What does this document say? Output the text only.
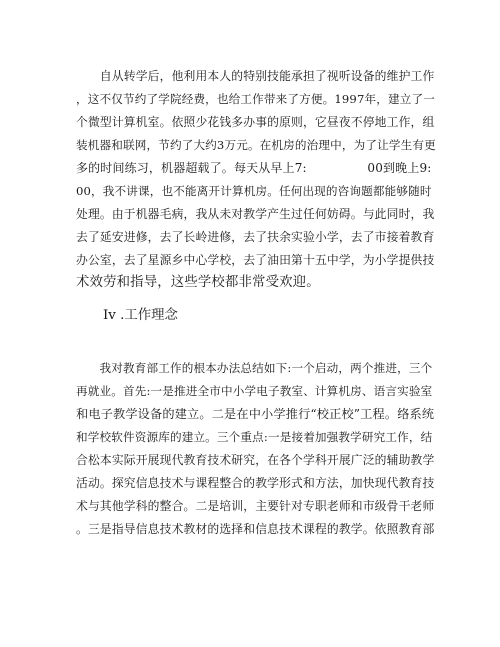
　　自从转学后，他利用本人的特别技能承担了视听设备的维护工作
，这不仅节约了学院经费，也给工作带来了方便。1997年，建立了一
个微型计算机室。依照少花钱多办事的原则，它昼夜不停地工作，组
装机器和联网，节约了大约3万元。在机房的治理中，为了让学生有更
多的时间练习，机器超载了。每天从早上7:　　　　　00到晚上9:
00，我不讲课，也不能离开计算机房。任何出现的咨询题都能够随时
处理。由于机器毛病，我从未对教学产生过任何妨碍。与此同时，我
去了延安进修，去了长岭进修，去了扶余实验小学，去了市接着教育
办公室，去了星源乡中心学校，去了油田第十五中学，为小学提供技
术效劳和指导，这些学校都非常受欢迎。
Iv .工作理念
　　我对教育部工作的根本办法总结如下:一个启动，两个推进，三个
再就业。首先:一是推进全市中小学电子教室、计算机房、语言实验室
和电子教学设备的建立。二是在中小学推行“校正校”工程。络系统
和学校软件资源库的建立。三个重点:一是接着加强教学研究工作，结
合松本实际开展现代教育技术研究，在各个学科开展广泛的辅助教学
活动。探究信息技术与课程整合的教学形式和方法，加快现代教育技
术与其他学科的整合。二是培训，主要针对专职老师和市级骨干老师
。三是指导信息技术教材的选择和信息技术课程的教学。依照教育部
